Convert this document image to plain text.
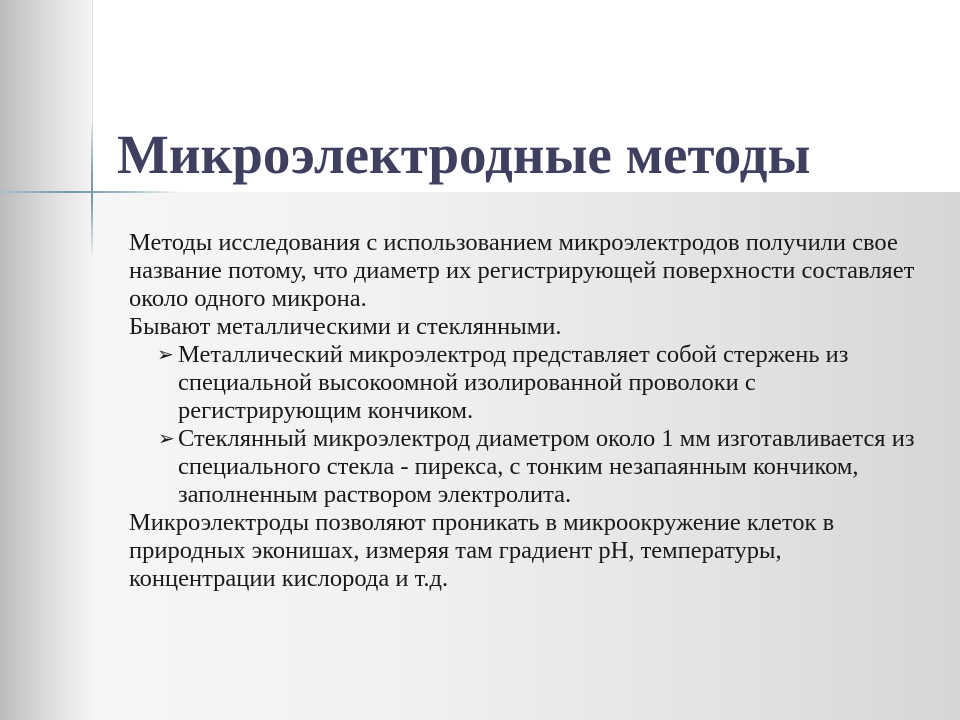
Микроэлектродные методы

Методы исследования с использованием микроэлектродов получили свое название потому, что диаметр их регистрирующей поверхности составляет около одного микрона.

Бывают металлическими и стеклянными.

➢ Металлический микроэлектрод представляет собой стержень из специальной высокоомной изолированной проволоки с регистрирующим кончиком.

➢ Стеклянный микроэлектрод диаметром около 1 мм изготавливается из специального стекла - пирекса, с тонким незапаянным кончиком, заполненным раствором электролита.

Микроэлектроды позволяют проникать в микроокружение клеток в природных эконишах, измеряя там градиент рН, температуры, концентрации кислорода и т.д.
